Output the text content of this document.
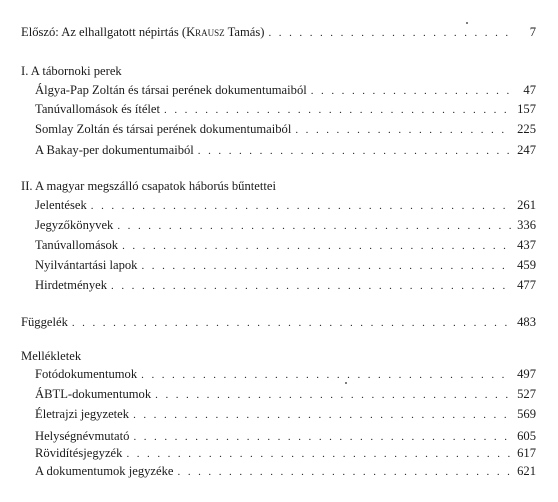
Előszó: Az elhallgatott népirtás (Krausz Tamás) . . .	7
I. A tábornoki perek
Álgya-Pap Zoltán és társai perének dokumentumaiból . . .	47
Tanúvallomások és ítélet . . .	157
Somlay Zoltán és társai perének dokumentumaiból . . .	225
A Bakay-per dokumentumaiból . . .	247
II. A magyar megszálló csapatok háborús bűntettei
Jelentések . . .	261
Jegyzőkönyvek . . .	336
Tanúvallomások . . .	437
Nyilvántartási lapok . . .	459
Hirdetmények . . .	477
Függelék . . .	483
Mellékletek
Fotódokumentumok . . .	497
ÁBTL-dokumentumok . . .	527
Életrajzi jegyzetek . . .	569
Helységnévmutató . . .	605
Rövidítésjegyzék . . .	617
A dokumentumok jegyzéke . . .	621
